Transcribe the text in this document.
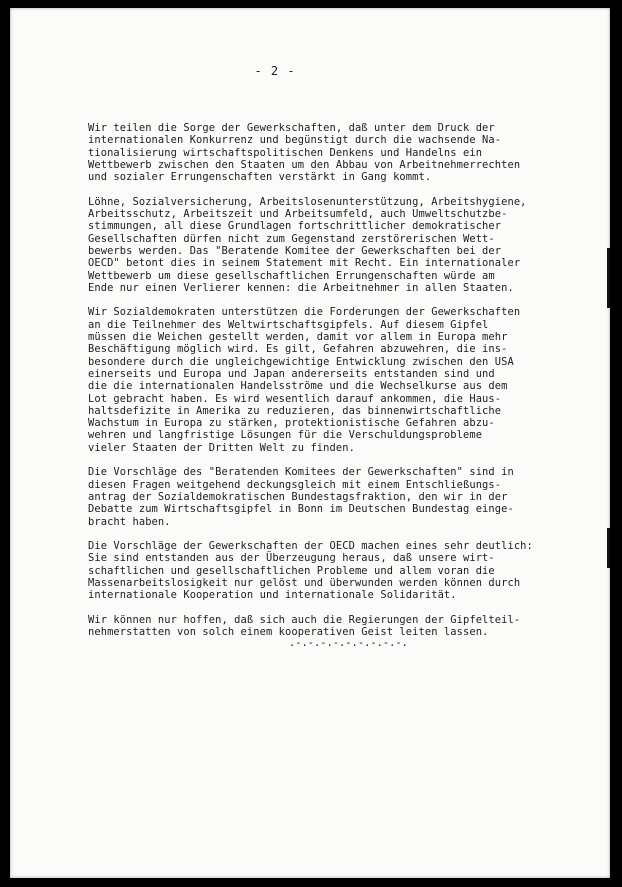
- 2 -
Wir teilen die Sorge der Gewerkschaften, daß unter dem Druck der
internationalen Konkurrenz und begünstigt durch die wachsende Na-
tionalisierung wirtschaftspolitischen Denkens und Handelns ein
Wettbewerb zwischen den Staaten um den Abbau von Arbeitnehmerrechten
und sozialer Errungenschaften verstärkt in Gang kommt.
Löhne, Sozialversicherung, Arbeitslosenunterstützung, Arbeitshygiene,
Arbeitsschutz, Arbeitszeit und Arbeitsumfeld, auch Umweltschutzbe-
stimmungen, all diese Grundlagen fortschrittlicher demokratischer
Gesellschaften dürfen nicht zum Gegenstand zerstörerischen Wett-
bewerbs werden. Das "Beratende Komitee der Gewerkschaften bei der
OECD" betont dies in seinem Statement mit Recht. Ein internationaler
Wettbewerb um diese gesellschaftlichen Errungenschaften würde am
Ende nur einen Verlierer kennen: die Arbeitnehmer in allen Staaten.
Wir Sozialdemokraten unterstützen die Forderungen der Gewerkschaften
an die Teilnehmer des Weltwirtschaftsgipfels. Auf diesem Gipfel
müssen die Weichen gestellt werden, damit vor allem in Europa mehr
Beschäftigung möglich wird. Es gilt, Gefahren abzuwehren, die ins-
besondere durch die ungleichgewichtige Entwicklung zwischen den USA
einerseits und Europa und Japan andererseits entstanden sind und
die die internationalen Handelsströme und die Wechselkurse aus dem
Lot gebracht haben. Es wird wesentlich darauf ankommen, die Haus-
haltsdefizite in Amerika zu reduzieren, das binnenwirtschaftliche
Wachstum in Europa zu stärken, protektionistische Gefahren abzu-
wehren und langfristige Lösungen für die Verschuldungsprobleme
vieler Staaten der Dritten Welt zu finden.
Die Vorschläge des "Beratenden Komitees der Gewerkschaften" sind in
diesen Fragen weitgehend deckungsgleich mit einem Entschließungs-
antrag der Sozialdemokratischen Bundestagsfraktion, den wir in der
Debatte zum Wirtschaftsgipfel in Bonn im Deutschen Bundestag einge-
bracht haben.
Die Vorschläge der Gewerkschaften der OECD machen eines sehr deutlich:
Sie sind entstanden aus der Überzeugung heraus, daß unsere wirt-
schaftlichen und gesellschaftlichen Probleme und allem voran die
Massenarbeitslosigkeit nur gelöst und überwunden werden können durch
internationale Kooperation und internationale Solidarität.
Wir können nur hoffen, daß sich auch die Regierungen der Gipfelteil-
nehmerstatten von solch einem kooperativen Geist leiten lassen.
.-.-.-.-.-.-.-.-.-.
